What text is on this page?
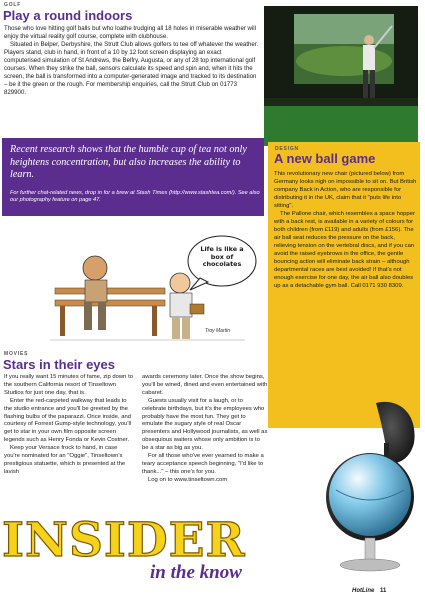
GOLF
Play a round indoors

Those who love hitting golf balls but who loathe trudging all 18 holes in miserable weather will enjoy the virtual reality golf course, complete with clubhouse.

Situated in Belper, Derbyshire, the Strutt Club allows golfers to tee off whatever the weather. Players stand, club in hand, in front of a 10 by 12 foot screen displaying an exact computerised simulation of St Andrews, the Belfry, Augusta, or any of 28 top international golf courses. When they strike the ball, sensors calculate its speed and spin and, when it hits the screen, the ball is transformed into a computer-generated image and tracked to its destination – be it the green or the rough. For membership enquiries, call the Strutt Club on 01773 829900.

Recent research shows that the humble cup of tea not only heightens concentration, but also increases the ability to learn.
For further chat-related news, drop in for a brew at Stash Times (http://www.stashtea.com/). See also our photography feature on page 47.
Life is like a box of chocolates
Troy Martin
DESIGN
A new ball game

This revolutionary new chair (pictured below) from Germany looks nigh on impossible to sit on. But British company Back in Action, who are responsible for distributing it in the UK, claim that it "puts life into sitting".

The Pallone chair, which resembles a space hopper with a back rest, is available in a variety of colours for both children (from £119) and adults (from £156). The air ball seat reduces the pressure on the back, relieving tension on the vertebral discs, and if you can avoid the raised eyebrows in the office, the gentle bouncing action will eliminate back strain – although departmental races are best avoided! If that's not enough exercise for one day, the air ball also doubles up as a detachable gym ball. Call 0171 930 8309.

MOVIES
Stars in their eyes

If you really want 15 minutes of fame, zip down to the southern California resort of Tinseltown Studios for just one day, that is.

Enter the red-carpeted walkway that leads to the studio entrance and you'll be greeted by the flashing bulbs of the paparazzi. Once inside, and courtesy of Forrest Gump-style technology, you'll get to star in your own film opposite screen legends such as Henry Fonda or Kevin Costner.

Keep your Versace frock to hand, in case you're nominated for an "Oggie", Tinseltown's prestigious statuette, which is presented at the lavish

awards ceremony later. Once the show begins, you'll be wined, dined and even entertained with cabaret.

Guests usually visit for a laugh, or to celebrate birthdays, but it's the employees who probably have the most fun. They get to emulate the sugary style of real Oscar presenters and Hollywood journalists, as well as obsequious waiters whose only ambition is to be a star as big as you.

For all those who've ever yearned to make a teary acceptance speech beginning, "I'd like to thank..." – this one's for you.

Log on to www.tinseltown.com

INSIDER
in the know
HotLine 11
